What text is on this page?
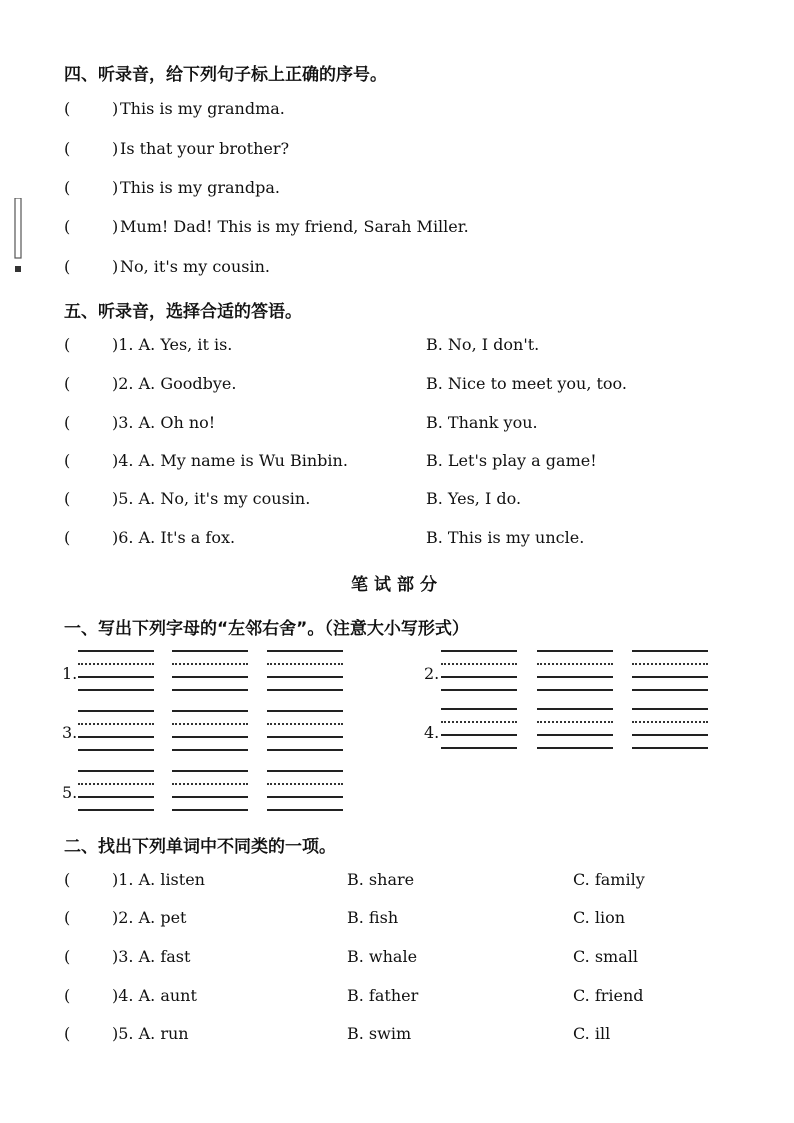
四、听录音，给下列句子标上正确的序号。
(	) This is my grandma.
(	) Is that your brother?
(	) This is my grandpa.
(	) Mum! Dad! This is my friend, Sarah Miller.
(	) No, it's my cousin.
五、听录音，选择合适的答语。
(	)1. A. Yes, it is.	B. No, I don't.
(	)2. A. Goodbye.	B. Nice to meet you, too.
(	)3. A. Oh no!	B. Thank you.
(	)4. A. My name is Wu Binbin.	B. Let's play a game!
(	)5. A. No, it's my cousin.	B. Yes, I do.
(	)6. A. It's a fox.	B. This is my uncle.
笔试部分
一、写出下列字母的“左邻右舍”。（注意大小写形式）
1.	2.
3.	4.
5.
二、找出下列单词中不同类的一项。
(	)1. A. listen	B. share	C. family
(	)2. A. pet	B. fish	C. lion
(	)3. A. fast	B. whale	C. small
(	)4. A. aunt	B. father	C. friend
(	)5. A. run	B. swim	C. ill
